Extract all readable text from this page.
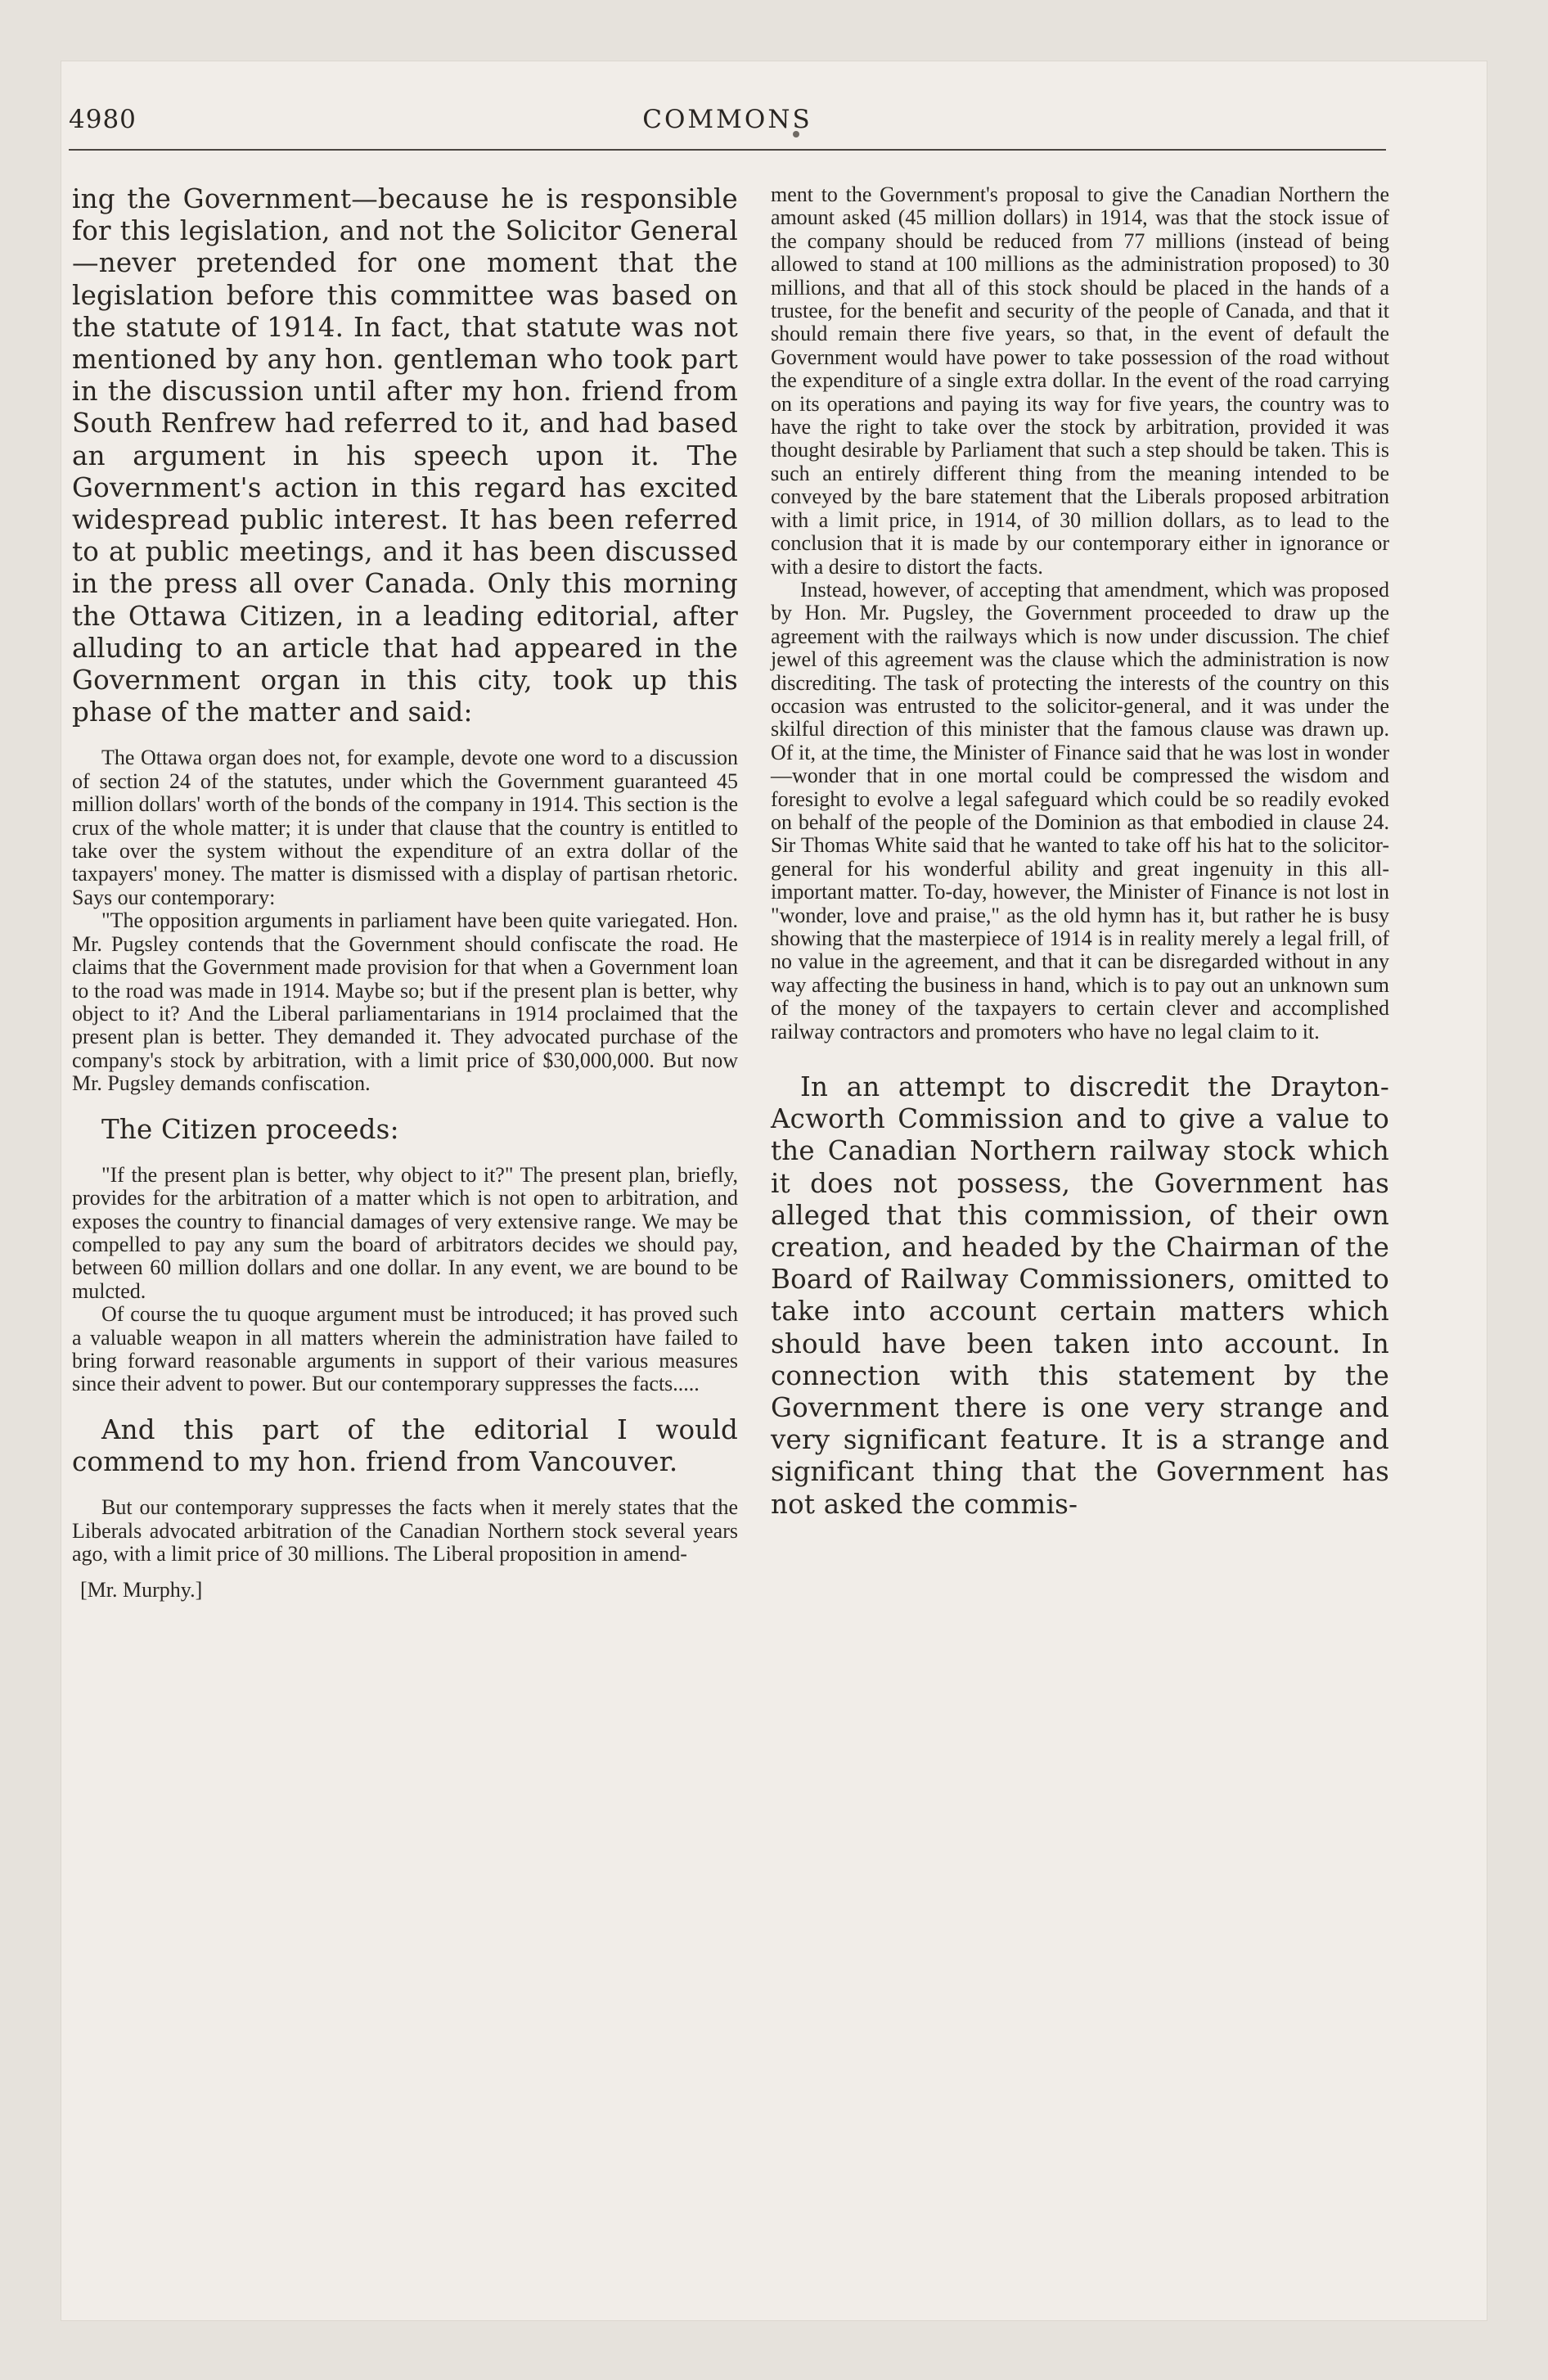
4980	COMMONS

ing the Government—because he is responsible for this legislation, and not the Solicitor General—never pretended for one moment that the legislation before this committee was based on the statute of 1914. In fact, that statute was not mentioned by any hon. gentleman who took part in the discussion until after my hon. friend from South Renfrew had referred to it, and had based an argument in his speech upon it. The Government's action in this regard has excited widespread public interest. It has been referred to at public meetings, and it has been discussed in the press all over Canada. Only this morning the Ottawa Citizen, in a leading editorial, after alluding to an article that had appeared in the Government organ in this city, took up this phase of the matter and said:

The Ottawa organ does not, for example, devote one word to a discussion of section 24 of the statutes, under which the Government guaranteed 45 million dollars' worth of the bonds of the company in 1914. This section is the crux of the whole matter; it is under that clause that the country is entitled to take over the system without the expenditure of an extra dollar of the taxpayers' money. The matter is dismissed with a display of partisan rhetoric. Says our contemporary:

"The opposition arguments in parliament have been quite variegated. Hon. Mr. Pugsley contends that the Government should confiscate the road. He claims that the Government made provision for that when a Government loan to the road was made in 1914. Maybe so; but if the present plan is better, why object to it? And the Liberal parliamentarians in 1914 proclaimed that the present plan is better. They demanded it. They advocated purchase of the company's stock by arbitration, with a limit price of $30,000,000. But now Mr. Pugsley demands confiscation.

The Citizen proceeds:

"If the present plan is better, why object to it?" The present plan, briefly, provides for the arbitration of a matter which is not open to arbitration, and exposes the country to financial damages of very extensive range. We may be compelled to pay any sum the board of arbitrators decides we should pay, between 60 million dollars and one dollar. In any event, we are bound to be mulcted.

Of course the tu quoque argument must be introduced; it has proved such a valuable weapon in all matters wherein the administration have failed to bring forward reasonable arguments in support of their various measures since their advent to power. But our contemporary suppresses the facts.....

And this part of the editorial I would commend to my hon. friend from Vancouver.

But our contemporary suppresses the facts when it merely states that the Liberals advocated arbitration of the Canadian Northern stock several years ago, with a limit price of 30 millions. The Liberal proposition in amend-

[Mr. Murphy.]

ment to the Government's proposal to give the Canadian Northern the amount asked (45 million dollars) in 1914, was that the stock issue of the company should be reduced from 77 millions (instead of being allowed to stand at 100 millions as the administration proposed) to 30 millions, and that all of this stock should be placed in the hands of a trustee, for the benefit and security of the people of Canada, and that it should remain there five years, so that, in the event of default the Government would have power to take possession of the road without the expenditure of a single extra dollar. In the event of the road carrying on its operations and paying its way for five years, the country was to have the right to take over the stock by arbitration, provided it was thought desirable by Parliament that such a step should be taken. This is such an entirely different thing from the meaning intended to be conveyed by the bare statement that the Liberals proposed arbitration with a limit price, in 1914, of 30 million dollars, as to lead to the conclusion that it is made by our contemporary either in ignorance or with a desire to distort the facts.

Instead, however, of accepting that amendment, which was proposed by Hon. Mr. Pugsley, the Government proceeded to draw up the agreement with the railways which is now under discussion. The chief jewel of this agreement was the clause which the administration is now discrediting. The task of protecting the interests of the country on this occasion was entrusted to the solicitor-general, and it was under the skilful direction of this minister that the famous clause was drawn up. Of it, at the time, the Minister of Finance said that he was lost in wonder—wonder that in one mortal could be compressed the wisdom and foresight to evolve a legal safeguard which could be so readily evoked on behalf of the people of the Dominion as that embodied in clause 24. Sir Thomas White said that he wanted to take off his hat to the solicitor-general for his wonderful ability and great ingenuity in this all-important matter. To-day, however, the Minister of Finance is not lost in "wonder, love and praise," as the old hymn has it, but rather he is busy showing that the masterpiece of 1914 is in reality merely a legal frill, of no value in the agreement, and that it can be disregarded without in any way affecting the business in hand, which is to pay out an unknown sum of the money of the taxpayers to certain clever and accomplished railway contractors and promoters who have no legal claim to it.

In an attempt to discredit the Drayton-Acworth Commission and to give a value to the Canadian Northern railway stock which it does not possess, the Government has alleged that this commission, of their own creation, and headed by the Chairman of the Board of Railway Commissioners, omitted to take into account certain matters which should have been taken into account. In connection with this statement by the Government there is one very strange and very significant feature. It is a strange and significant thing that the Government has not asked the commis-
